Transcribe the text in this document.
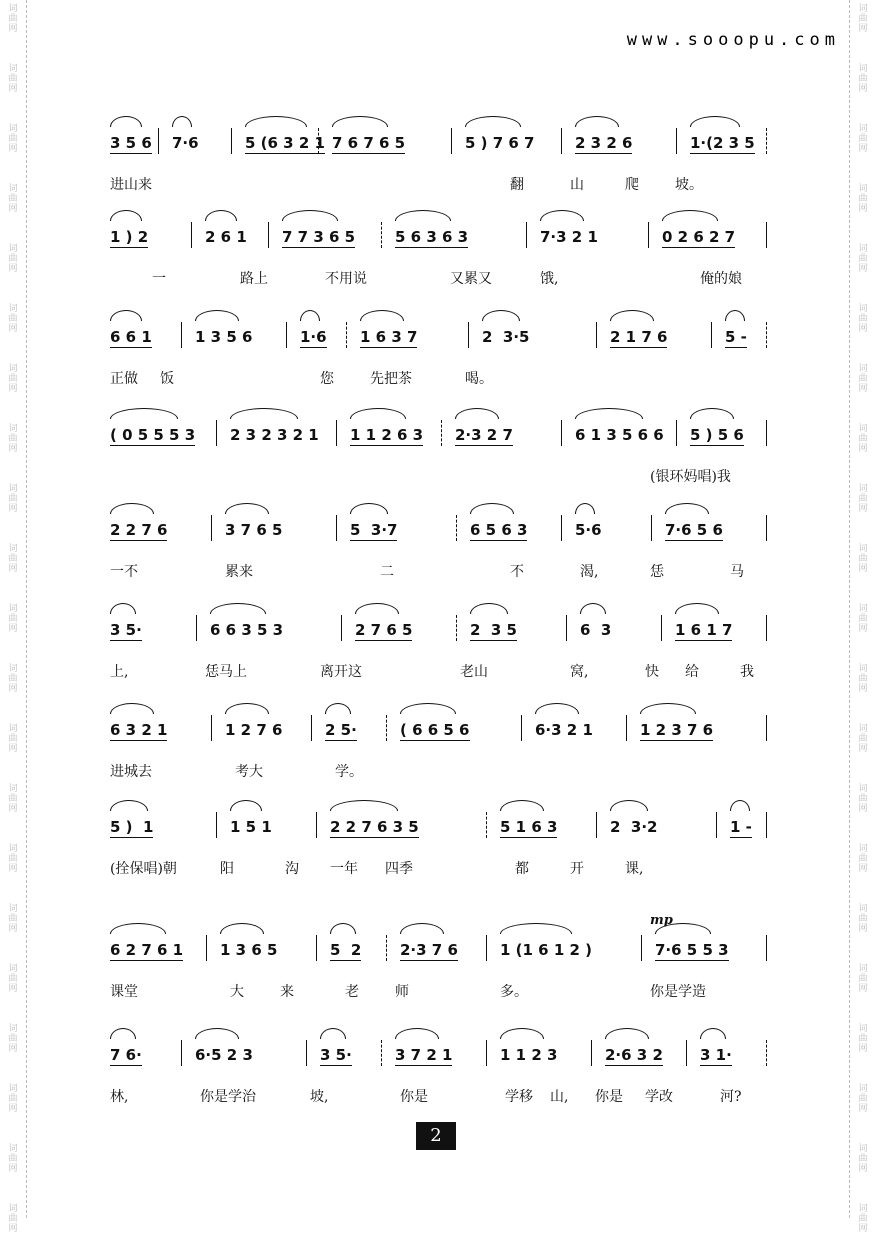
词
曲
网
词
曲
网
词
曲
网
词
曲
网
词
曲
网
词
曲
网
词
曲
网
词
曲
网
词
曲
网
词
曲
网
词
曲
网
词
曲
网
词
曲
网
词
曲
网
词
曲
网
词
曲
网
词
曲
网
词
曲
网
词
曲
网
词
曲
网
词
曲
网
词
曲
网
词
曲
网
词
曲
网
词
曲
网
词
曲
网
词
曲
网
词
曲
网
词
曲
网
词
曲
网
词
曲
网
词
曲
网
词
曲
网
词
曲
网
词
曲
网
词
曲
网
词
曲
网
词
曲
网
词
曲
网
词
曲
网
词
曲
网
词
曲
网
www.sooopu.com
mp
3 5 6 7·6	5 (6 3 2 1 7 6 7 6 5	5 ) 7 6 7	2 3 2 6	1·(2 3 5
进山来	翻	山	爬	坡。
1 ) 2	2 6 1 7 7 3 6 5	5 6 3 6 3	7·3 2 1	0 2 6 2 7
一	路上	不用说	又累又	饿,	俺的娘
6 6 1	1 3 5 6	1·6 1 6 3 7	2  3·5	2 1 7 6	5 -
正做 饭	您	先把茶	喝。
( 0 5 5 5 3 2 3 2 3 2 1 1 1 2 6 3 2·3 2 7	6 1 3 5 6 6 5 ) 5 6
(银环妈唱)我
2 2 7 6	3 7 6 5	5  3·7	6 5 6 3	5·6	7·6 5 6
一不	累来	二	不	渴,	恁	马
3 5·	6 6 3 5 3	2 7 6 5	2  3 5	6  3	1 6 1 7
上,	恁马上	离开这	老山	窝,	快 给	我
6 3 2 1	1 2 7 6	2 5·	( 6 6 5 6	6·3 2 1	1 2 3 7 6
进城去	考大	学。
5 )  1	1 5 1	2 2 7 6 3 5	5 1 6 3	2  3·2	1 -
(拴保唱)朝	阳	沟 一年 四季	都	开	课,
6 2 7 6 1 1 3 6 5	5  2	2·3 7 6	1 (1 6 1 2 )	7·6 5 5 3
课堂	大	来	老	师	多。	你是学造
7 6·	6·5 2 3	3 5·	3 7 2 1	1 1 2 3	2·6 3 2 3 1·
林,	你是学治	坡,	你是	学移 山, 你是 学改	河?
2
